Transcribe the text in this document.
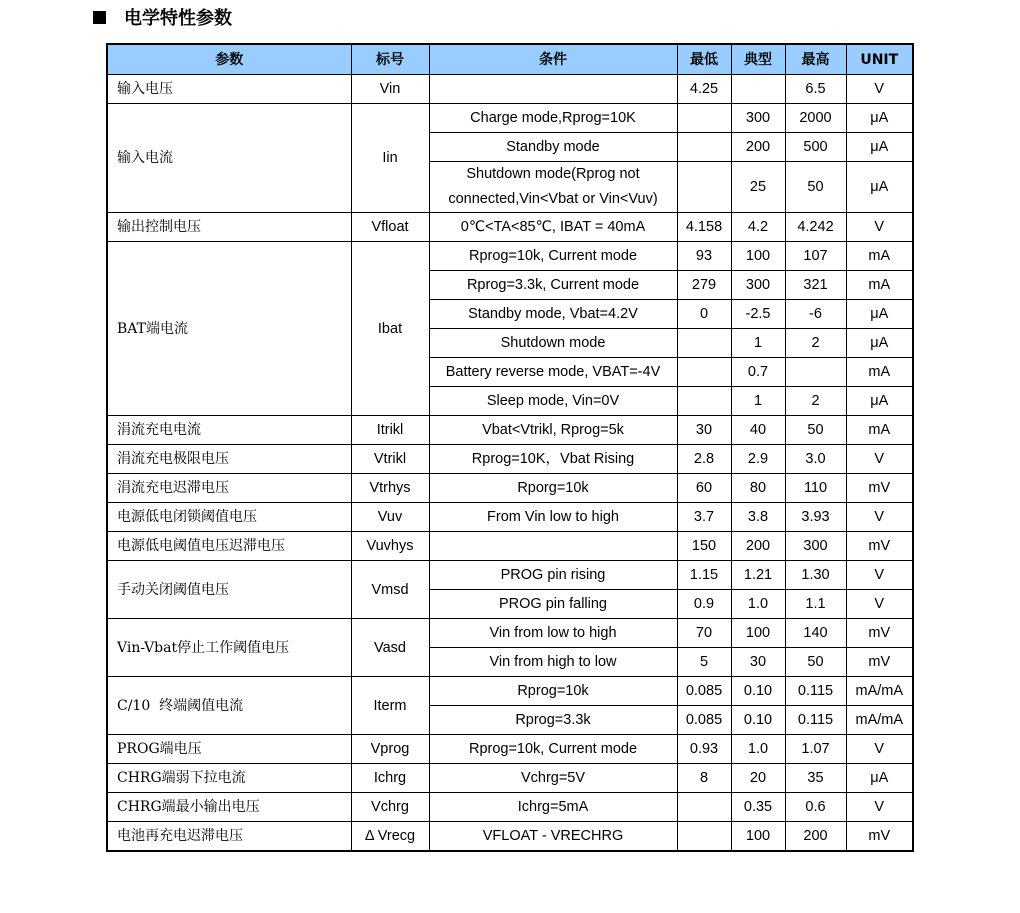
电学特性参数
参数	标号	条件	最低	典型	最高	UNIT
输入电压	Vin		4.25		6.5	V
输入电流	Iin	Charge mode,Rprog=10K		300	2000	μA
		Standby mode		200	500	μA
		Shutdown mode(Rprog not
connected,Vin<Vbat or Vin<Vuv)		25	50	μA
输出控制电压	Vfloat	0℃<TA<85℃, IBAT = 40mA	4.158	4.2	4.242	V
BAT端电流	Ibat	Rprog=10k, Current mode	93	100	107	mA
		Rprog=3.3k, Current mode	279	300	321	mA
		Standby mode, Vbat=4.2V	0	-2.5	-6	μA
		Shutdown mode		1	2	μA
		Battery reverse mode, VBAT=-4V		0.7		mA
		Sleep mode, Vin=0V		1	2	μA
涓流充电电流	Itrikl	Vbat<Vtrikl, Rprog=5k	30	40	50	mA
涓流充电极限电压	Vtrikl	Rprog=10K，Vbat Rising	2.8	2.9	3.0	V
涓流充电迟滞电压	Vtrhys	Rporg=10k	60	80	110	mV
电源低电闭锁阈值电压	Vuv	From Vin low to high	3.7	3.8	3.93	V
电源低电阈值电压迟滞电压	Vuvhys		150	200	300	mV
手动关闭阈值电压	Vmsd	PROG pin rising	1.15	1.21	1.30	V
		PROG pin falling	0.9	1.0	1.1	V
Vin-Vbat停止工作阈值电压	Vasd	Vin from low to high	70	100	140	mV
		Vin from high to low	5	30	50	mV
C/10  终端阈值电流	Iterm	Rprog=10k	0.085	0.10	0.115	mA/mA
		Rprog=3.3k	0.085	0.10	0.115	mA/mA
PROG端电压	Vprog	Rprog=10k, Current mode	0.93	1.0	1.07	V
CHRG端弱下拉电流	Ichrg	Vchrg=5V	8	20	35	μA
CHRG端最小输出电压	Vchrg	Ichrg=5mA		0.35	0.6	V
电池再充电迟滞电压	Δ Vrecg	VFLOAT - VRECHRG		100	200	mV
